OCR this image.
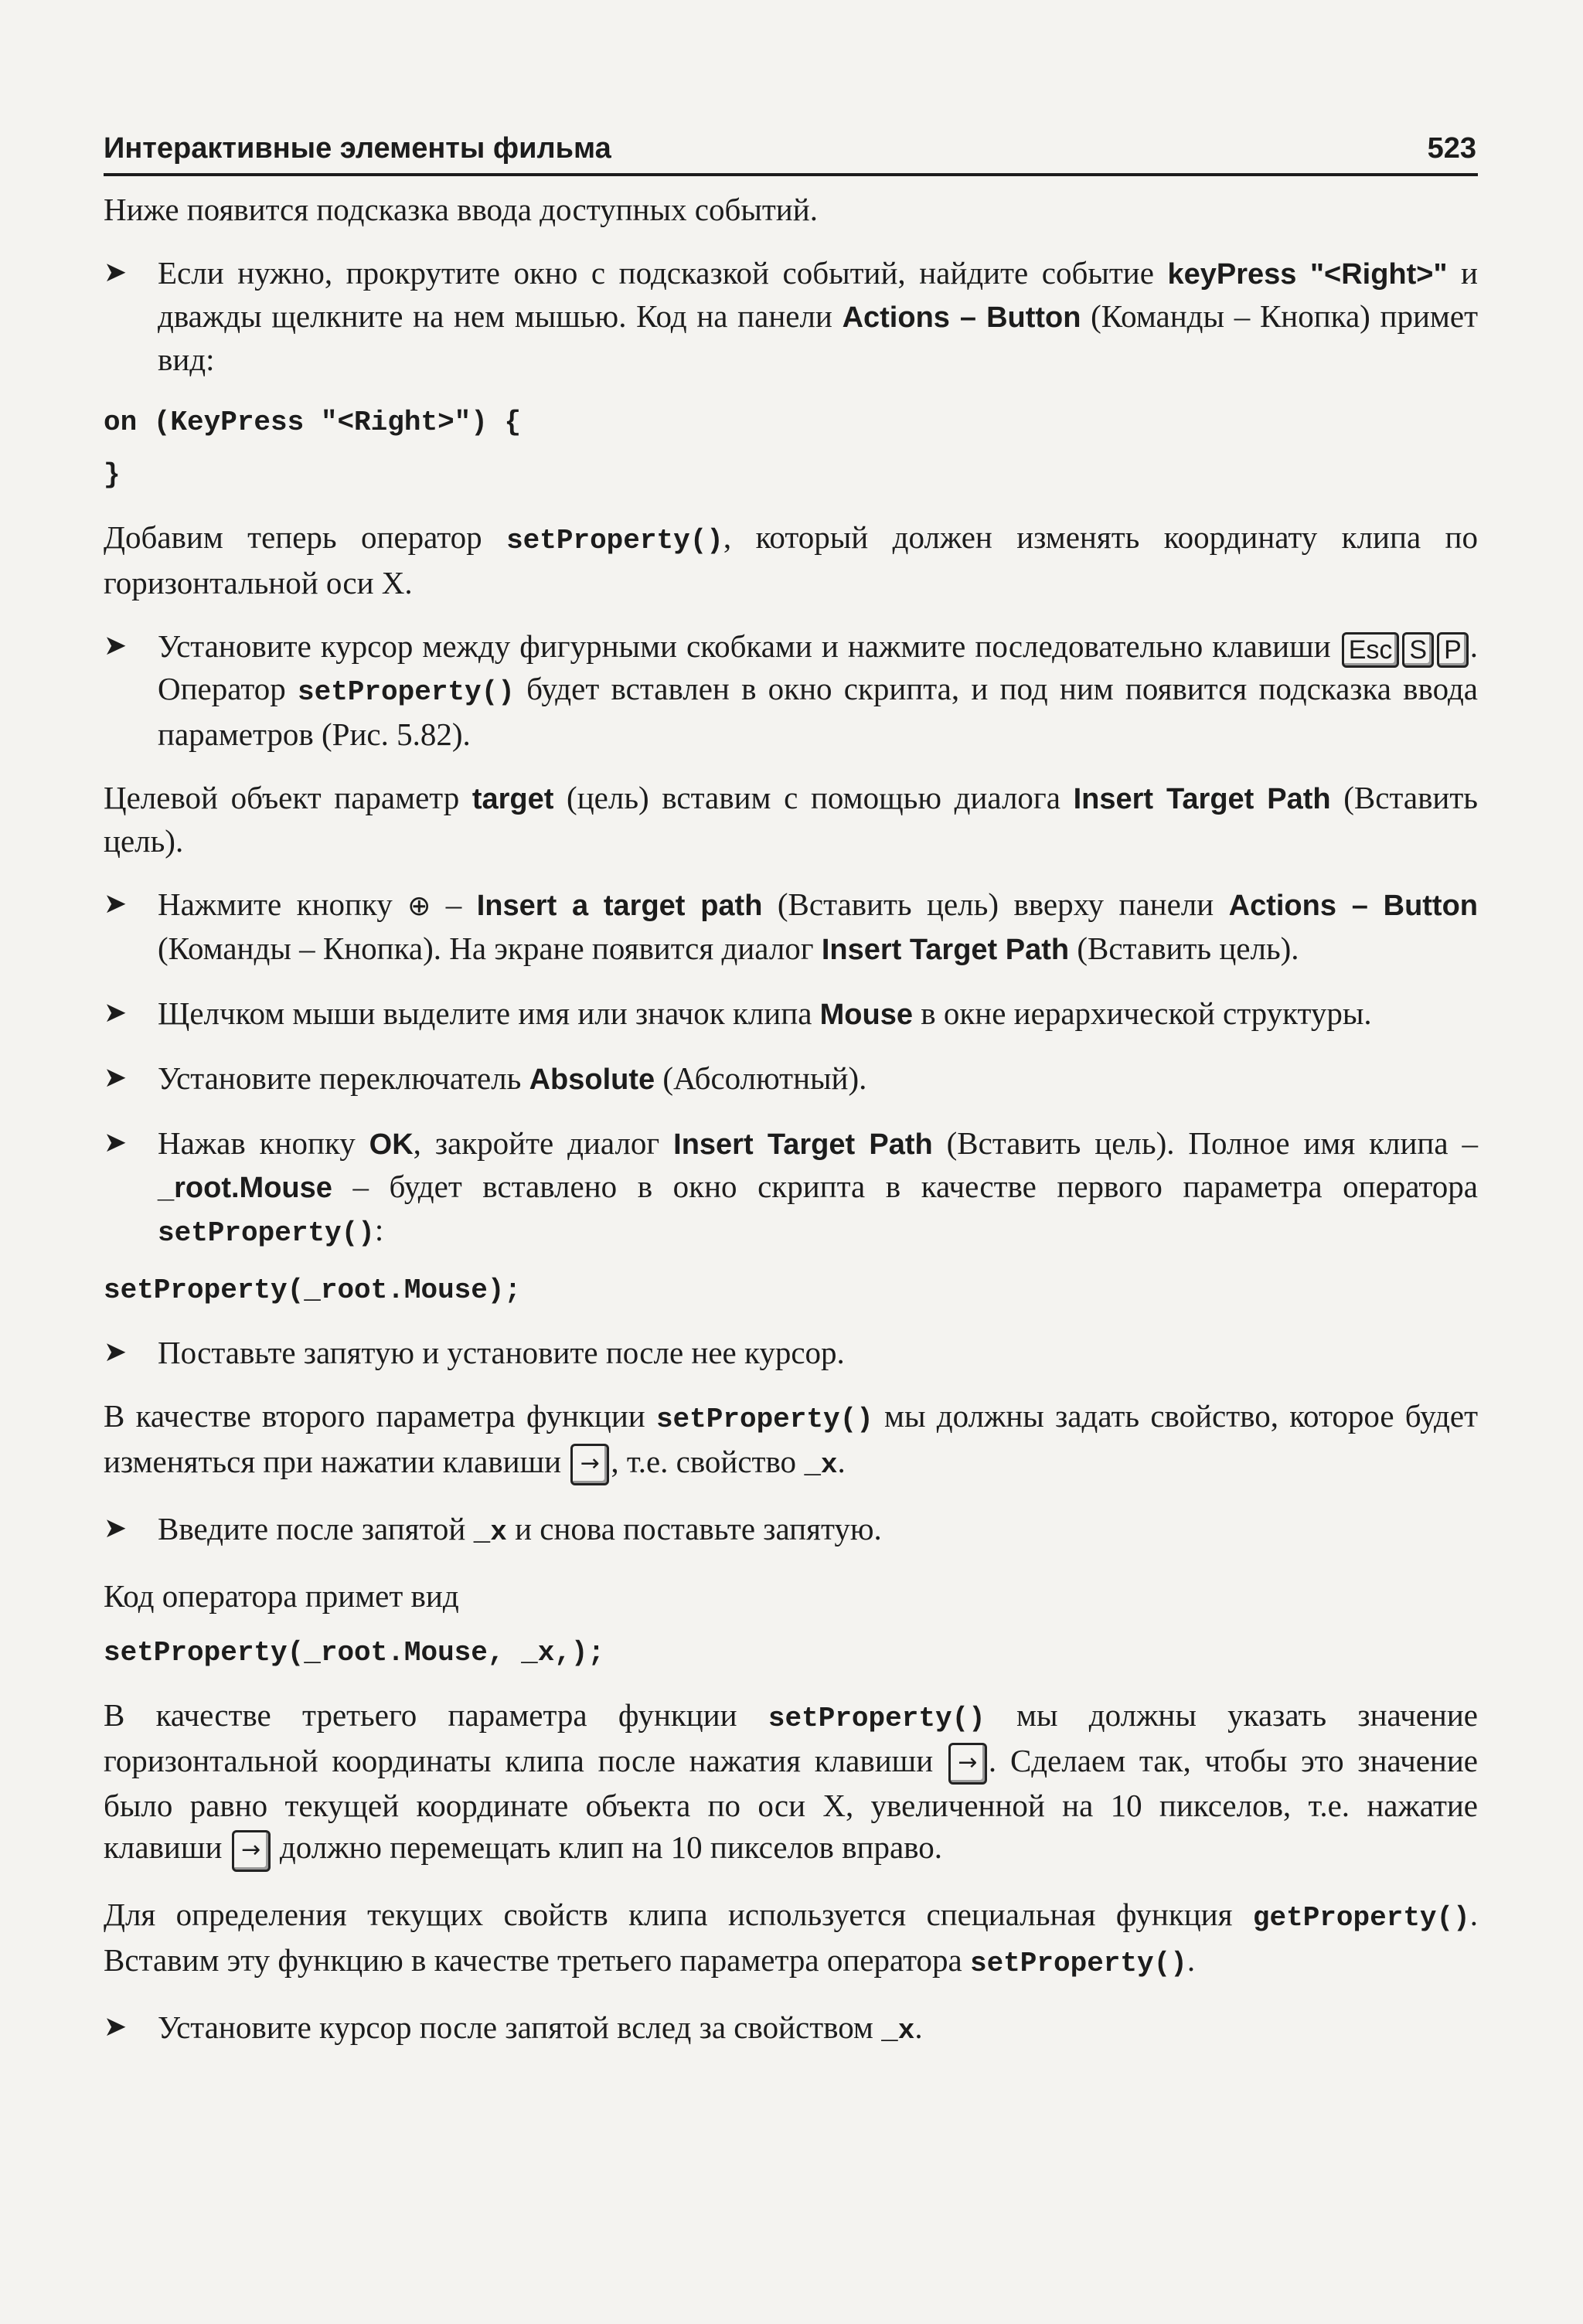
Интерактивные элементы фильма	523

Ниже появится подсказка ввода доступных событий.

➤ Если нужно, прокрутите окно с подсказкой событий, найдите событие keyPress "<Right>" и дважды щелкните на нем мышью. Код на панели Actions – Button (Команды – Кнопка) примет вид:

on (KeyPress "<Right>") {
}

Добавим теперь оператор setProperty(), который должен изменять координату клипа по горизонтальной оси X.

➤ Установите курсор между фигурными скобками и нажмите последовательно клавиши Esc S P . Оператор setProperty() будет вставлен в окно скрипта, и под ним появится подсказка ввода параметров (Рис. 5.82).

Целевой объект параметр target (цель) вставим с помощью диалога Insert Target Path (Вставить цель).

➤ Нажмите кнопку ⊕ – Insert a target path (Вставить цель) вверху панели Actions – Button (Команды – Кнопка). На экране появится диалог Insert Target Path (Вставить цель).

➤ Щелчком мыши выделите имя или значок клипа Mouse в окне иерархической структуры.

➤ Установите переключатель Absolute (Абсолютный).

➤ Нажав кнопку OK, закройте диалог Insert Target Path (Вставить цель). Полное имя клипа – _root.Mouse – будет вставлено в окно скрипта в качестве первого параметра оператора setProperty():

setProperty(_root.Mouse);

➤ Поставьте запятую и установите после нее курсор.

В качестве второго параметра функции setProperty() мы должны задать свойство, которое будет изменяться при нажатии клавиши → , т.е. свойство _x.

➤ Введите после запятой _x и снова поставьте запятую.

Код оператора примет вид

setProperty(_root.Mouse, _x,);

В качестве третьего параметра функции setProperty() мы должны указать значение горизонтальной координаты клипа после нажатия клавиши → . Сделаем так, чтобы это значение было равно текущей координате объекта по оси X, увеличенной на 10 пикселов, т.е. нажатие клавиши → должно перемещать клип на 10 пикселов вправо.

Для определения текущих свойств клипа используется специальная функция getProperty(). Вставим эту функцию в качестве третьего параметра оператора setProperty().

➤ Установите курсор после запятой вслед за свойством _x.
